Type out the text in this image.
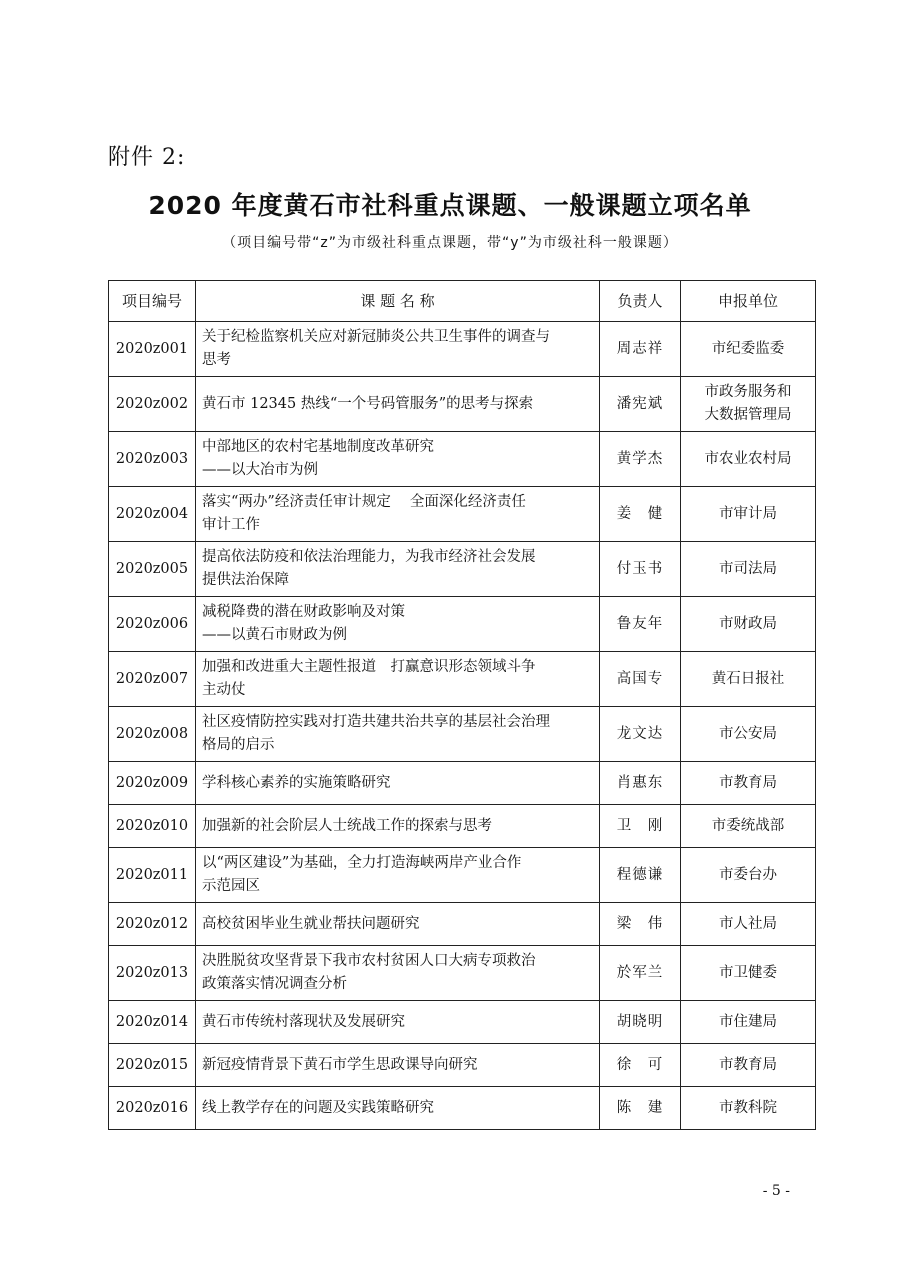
附件 2:
2020 年度黄石市社科重点课题、一般课题立项名单
（项目编号带“z”为市级社科重点课题，带“y”为市级社科一般课题）
项目编号	课 题 名 称	负责人	申报单位
2020z001	关于纪检监察机关应对新冠肺炎公共卫生事件的调查与
思考	周志祥	市纪委监委
2020z002	黄石市 12345 热线“一个号码管服务”的思考与探索	潘宪斌	市政务服务和
大数据管理局
2020z003	中部地区的农村宅基地制度改革研究
——以大冶市为例	黄学杰	市农业农村局
2020z004	落实“两办”经济责任审计规定　 全面深化经济责任
审计工作	姜　健	市审计局
2020z005	提高依法防疫和依法治理能力，为我市经济社会发展
提供法治保障	付玉书	市司法局
2020z006	减税降费的潜在财政影响及对策
——以黄石市财政为例	鲁友年	市财政局
2020z007	加强和改进重大主题性报道　打赢意识形态领域斗争
主动仗	高国专	黄石日报社
2020z008	社区疫情防控实践对打造共建共治共享的基层社会治理
格局的启示	龙文达	市公安局
2020z009	学科核心素养的实施策略研究	肖惠东	市教育局
2020z010	加强新的社会阶层人士统战工作的探索与思考	卫　刚	市委统战部
2020z011	以“两区建设”为基础，全力打造海峡两岸产业合作
示范园区	程德谦	市委台办
2020z012	高校贫困毕业生就业帮扶问题研究	梁　伟	市人社局
2020z013	决胜脱贫攻坚背景下我市农村贫困人口大病专项救治
政策落实情况调查分析	於军兰	市卫健委
2020z014	黄石市传统村落现状及发展研究	胡晓明	市住建局
2020z015	新冠疫情背景下黄石市学生思政课导向研究	徐　可	市教育局
2020z016	线上教学存在的问题及实践策略研究	陈　建	市教科院
- 5 -
